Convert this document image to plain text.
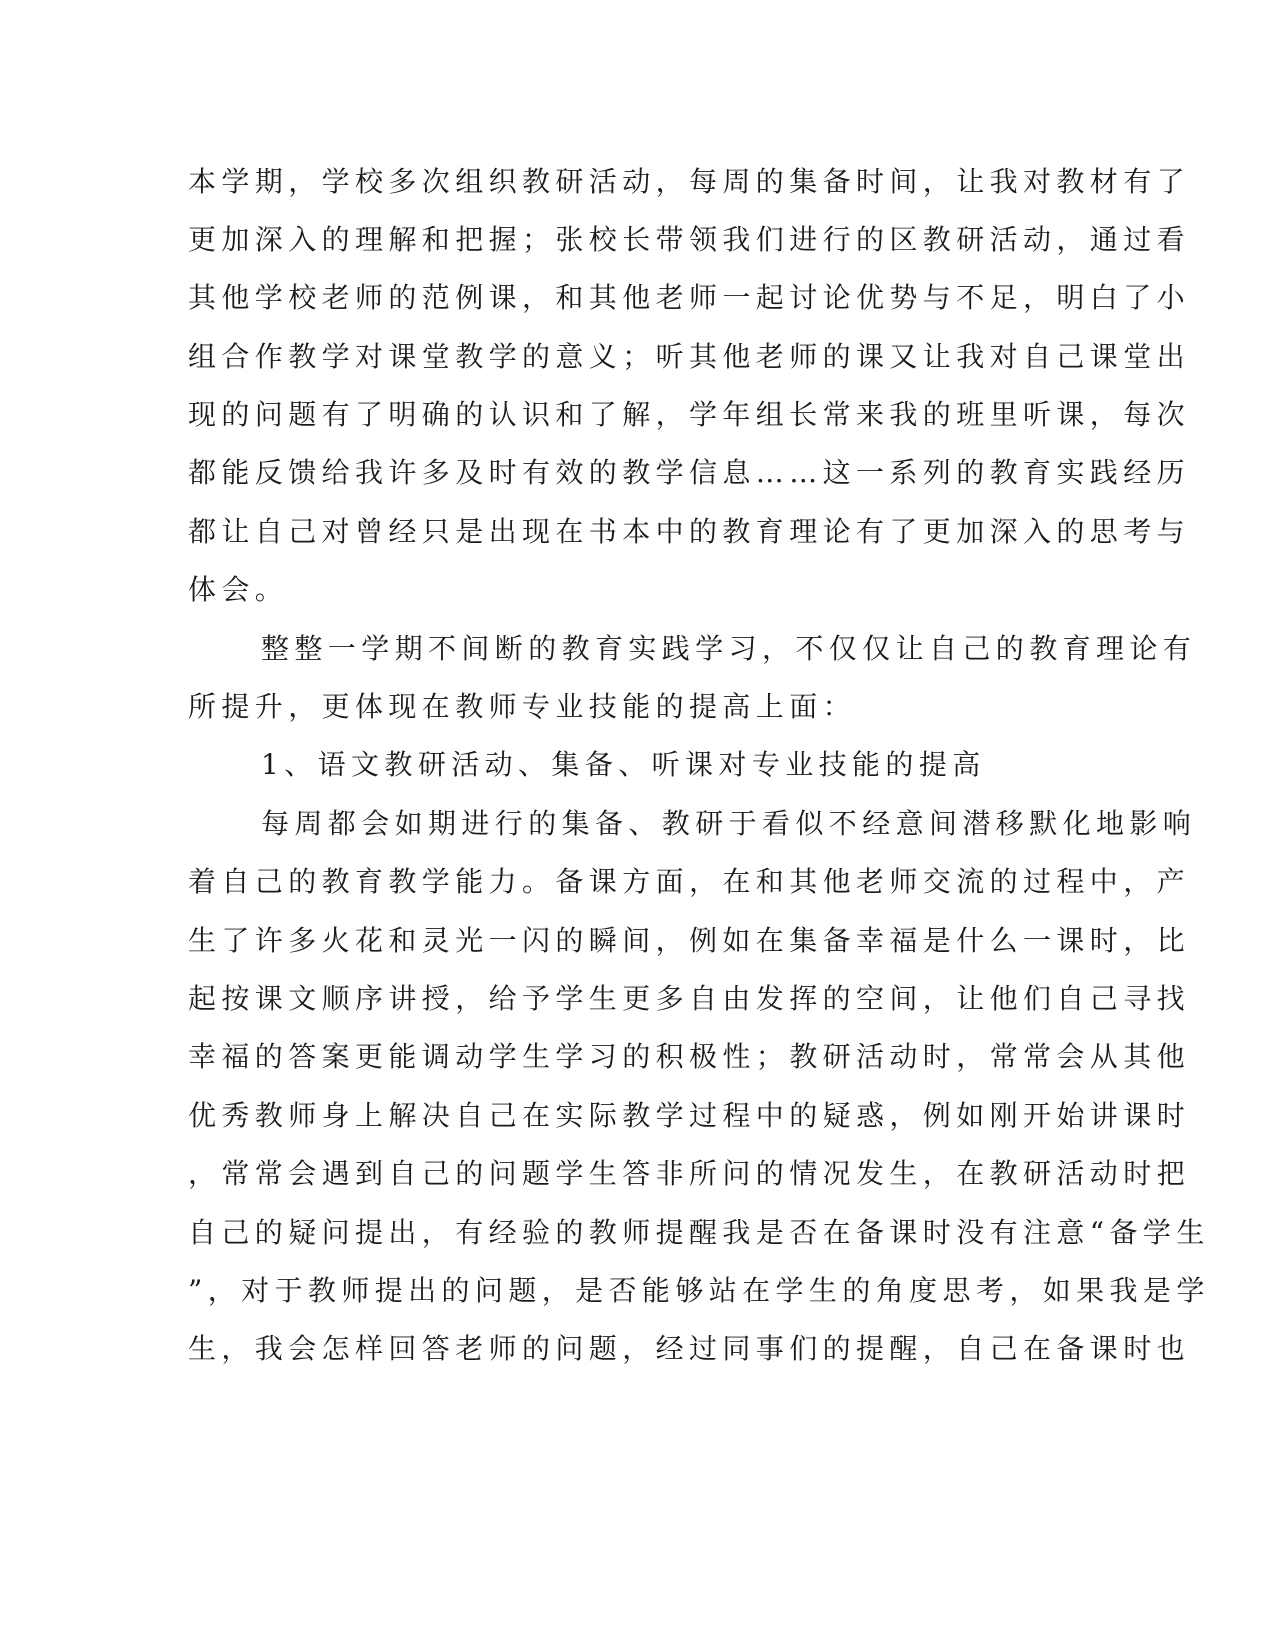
本学期，学校多次组织教研活动，每周的集备时间，让我对教材有了
更加深入的理解和把握；张校长带领我们进行的区教研活动，通过看
其他学校老师的范例课，和其他老师一起讨论优势与不足，明白了小
组合作教学对课堂教学的意义；听其他老师的课又让我对自己课堂出
现的问题有了明确的认识和了解，学年组长常来我的班里听课，每次
都能反馈给我许多及时有效的教学信息……这一系列的教育实践经历
都让自己对曾经只是出现在书本中的教育理论有了更加深入的思考与
体会。
整整一学期不间断的教育实践学习，不仅仅让自己的教育理论有
所提升，更体现在教师专业技能的提高上面：
1、语文教研活动、集备、听课对专业技能的提高
每周都会如期进行的集备、教研于看似不经意间潜移默化地影响
着自己的教育教学能力。备课方面，在和其他老师交流的过程中，产
生了许多火花和灵光一闪的瞬间，例如在集备幸福是什么一课时，比
起按课文顺序讲授，给予学生更多自由发挥的空间，让他们自己寻找
幸福的答案更能调动学生学习的积极性；教研活动时，常常会从其他
优秀教师身上解决自己在实际教学过程中的疑惑，例如刚开始讲课时
，常常会遇到自己的问题学生答非所问的情况发生，在教研活动时把
自己的疑问提出，有经验的教师提醒我是否在备课时没有注意“备学生
”，对于教师提出的问题，是否能够站在学生的角度思考，如果我是学
生，我会怎样回答老师的问题，经过同事们的提醒，自己在备课时也
